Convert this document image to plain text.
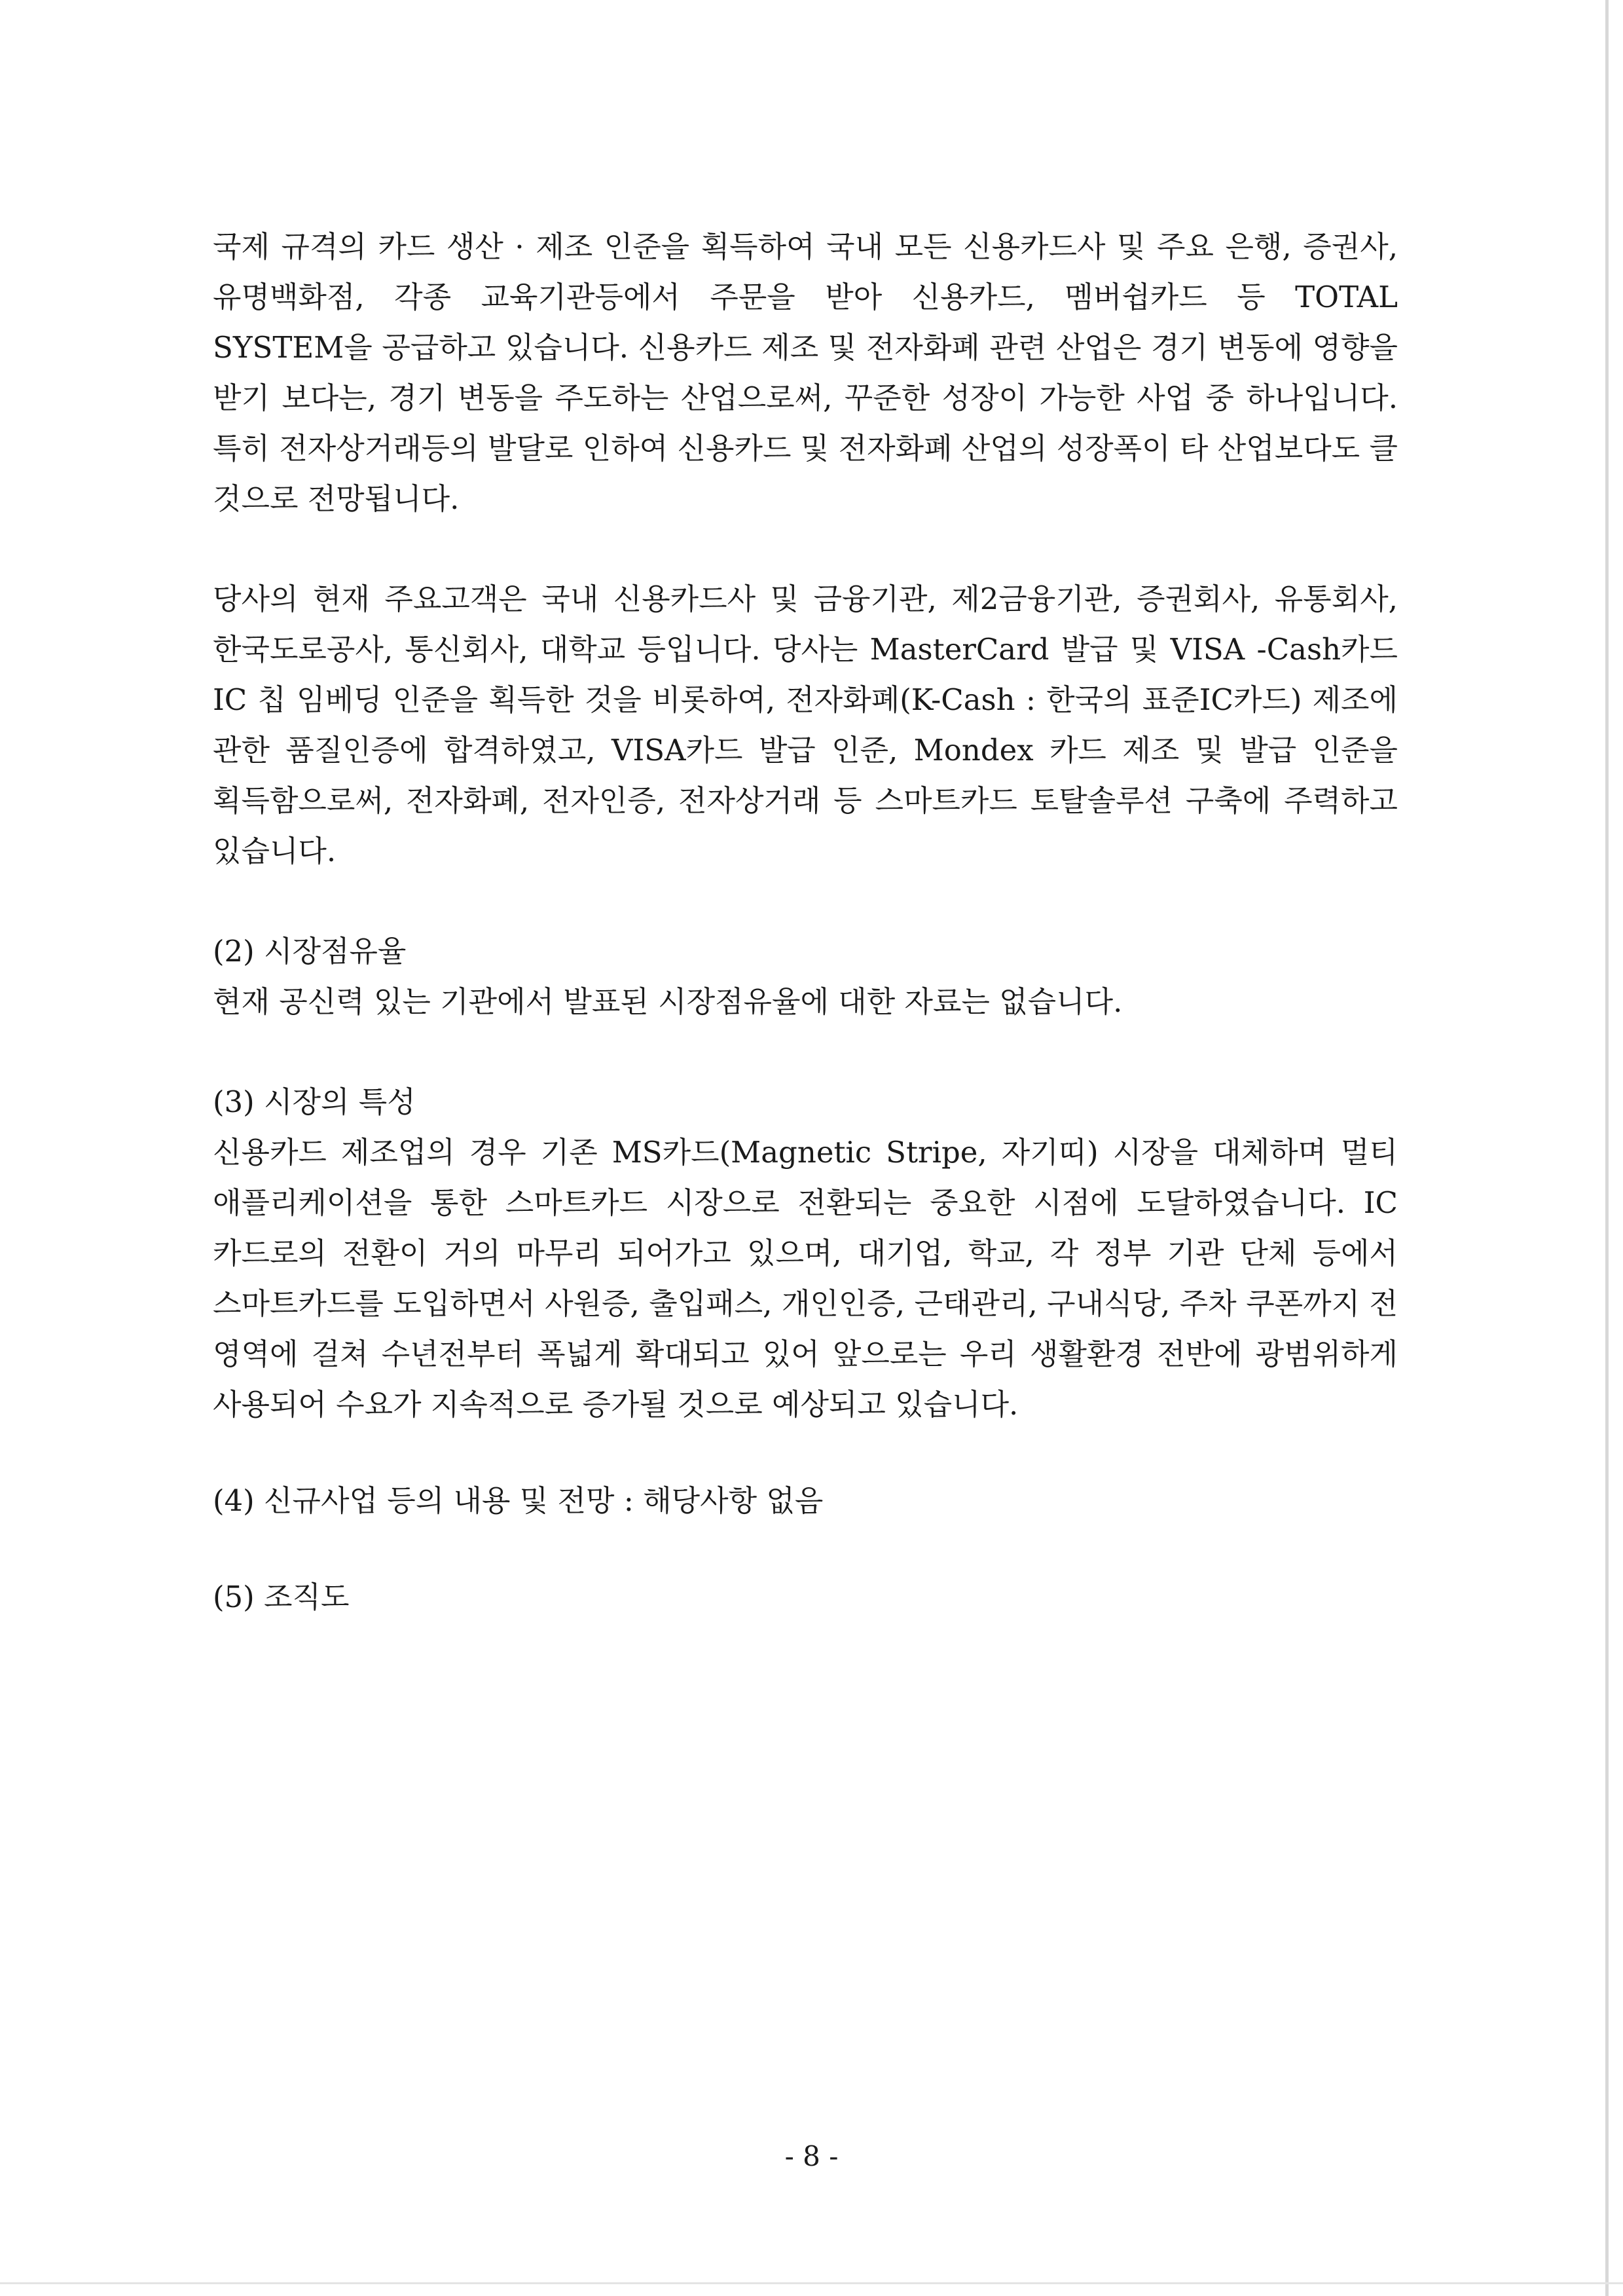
국제 규격의 카드 생산 · 제조 인준을 획득하여 국내 모든 신용카드사 및 주요 은행, 증권사, 유명백화점, 각종 교육기관등에서 주문을 받아 신용카드, 멤버쉽카드 등 TOTAL SYSTEM을 공급하고 있습니다. 신용카드 제조 및 전자화폐 관련 산업은 경기 변동에 영향을 받기 보다는, 경기 변동을 주도하는 산업으로써, 꾸준한 성장이 가능한 사업 중 하나입니다. 특히 전자상거래등의 발달로 인하여 신용카드 및 전자화폐 산업의 성장폭이 타 산업보다도 클 것으로 전망됩니다.

당사의 현재 주요고객은 국내 신용카드사 및 금융기관, 제2금융기관, 증권회사, 유통회사, 한국도로공사, 통신회사, 대학교 등입니다. 당사는 MasterCard 발급 및 VISA -Cash카드 IC 칩 임베딩 인준을 획득한 것을 비롯하여, 전자화폐(K-Cash : 한국의 표준IC카드) 제조에 관한 품질인증에 합격하였고, VISA카드 발급 인준, Mondex 카드 제조 및 발급 인준을 획득함으로써, 전자화폐, 전자인증, 전자상거래 등 스마트카드 토탈솔루션 구축에 주력하고 있습니다.

(2) 시장점유율

현재 공신력 있는 기관에서 발표된 시장점유율에 대한 자료는 없습니다.

(3) 시장의 특성

신용카드 제조업의 경우 기존 MS카드(Magnetic Stripe, 자기띠) 시장을 대체하며 멀티 애플리케이션을 통한 스마트카드 시장으로 전환되는 중요한 시점에 도달하였습니다. IC 카드로의 전환이 거의 마무리 되어가고 있으며, 대기업, 학교, 각 정부 기관 단체 등에서 스마트카드를 도입하면서 사원증, 출입패스, 개인인증, 근태관리, 구내식당, 주차 쿠폰까지 전 영역에 걸쳐 수년전부터 폭넓게 확대되고 있어 앞으로는 우리 생활환경 전반에 광범위하게 사용되어 수요가 지속적으로 증가될 것으로 예상되고 있습니다.

(4) 신규사업 등의 내용 및 전망 : 해당사항 없음

(5) 조직도

- 8 -
